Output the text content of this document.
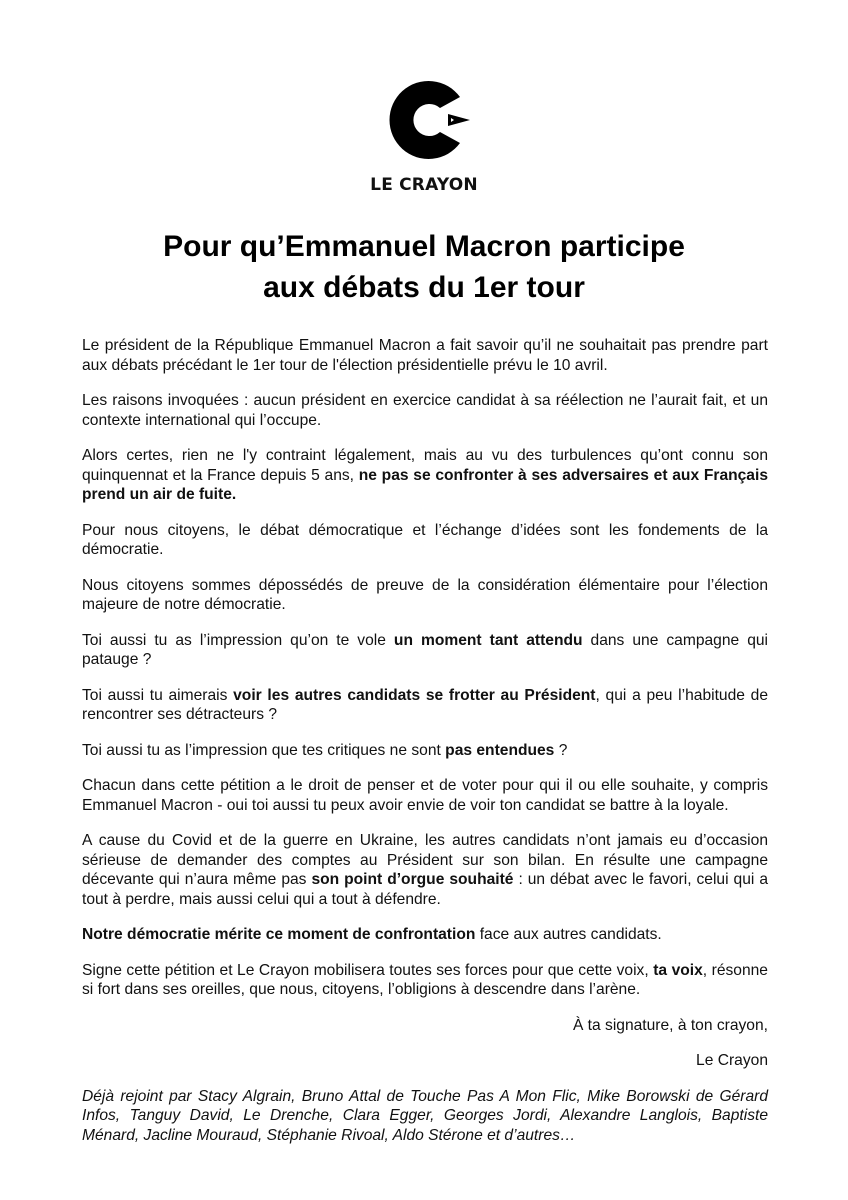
LE CRAYON
Pour qu’Emmanuel Macron participe
aux débats du 1er tour

Le président de la République Emmanuel Macron a fait savoir qu’il ne souhaitait pas prendre part aux débats précédant le 1er tour de l'élection présidentielle prévu le 10 avril.

Les raisons invoquées : aucun président en exercice candidat à sa réélection ne l’aurait fait, et un contexte international qui l’occupe.

Alors certes, rien ne l'y contraint légalement, mais au vu des turbulences qu’ont connu son quinquennat et la France depuis 5 ans, ne pas se confronter à ses adversaires et aux Français prend un air de fuite.

Pour nous citoyens, le débat démocratique et l’échange d’idées sont les fondements de la démocratie.

Nous citoyens sommes dépossédés de preuve de la considération élémentaire pour l’élection majeure de notre démocratie.

Toi aussi tu as l’impression qu’on te vole un moment tant attendu dans une campagne qui patauge ?

Toi aussi tu aimerais voir les autres candidats se frotter au Président, qui a peu l’habitude de rencontrer ses détracteurs ?

Toi aussi tu as l’impression que tes critiques ne sont pas entendues ?

Chacun dans cette pétition a le droit de penser et de voter pour qui il ou elle souhaite, y compris Emmanuel Macron - oui toi aussi tu peux avoir envie de voir ton candidat se battre à la loyale.

A cause du Covid et de la guerre en Ukraine, les autres candidats n’ont jamais eu d’occasion sérieuse de demander des comptes au Président sur son bilan. En résulte une campagne décevante qui n’aura même pas son point d’orgue souhaité : un débat avec le favori, celui qui a tout à perdre, mais aussi celui qui a tout à défendre.

Notre démocratie mérite ce moment de confrontation face aux autres candidats.

Signe cette pétition et Le Crayon mobilisera toutes ses forces pour que cette voix, ta voix, résonne si fort dans ses oreilles, que nous, citoyens, l’obligions à descendre dans l’arène.

À ta signature, à ton crayon,

Le Crayon

Déjà rejoint par Stacy Algrain, Bruno Attal de Touche Pas A Mon Flic, Mike Borowski de Gérard Infos, Tanguy David, Le Drenche, Clara Egger, Georges Jordi, Alexandre Langlois, Baptiste Ménard, Jacline Mouraud, Stéphanie Rivoal, Aldo Stérone et d’autres…
